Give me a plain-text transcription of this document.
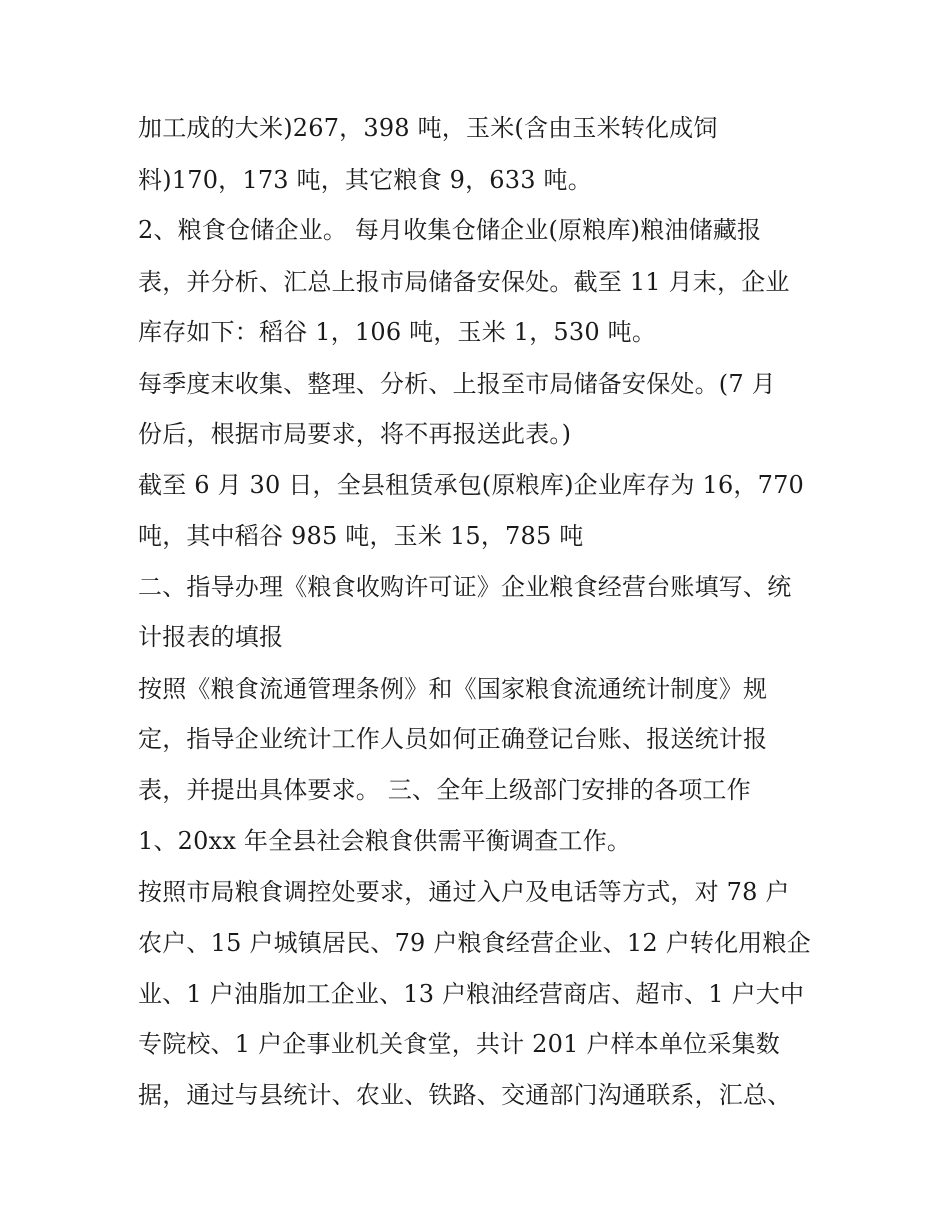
加工成的大米)267，398 吨，玉米(含由玉米转化成饲
料)170，173 吨，其它粮食 9，633 吨。
2、粮食仓储企业。 每月收集仓储企业(原粮库)粮油储藏报
表，并分析、汇总上报市局储备安保处。截至 11 月末，企业
库存如下：稻谷 1，106 吨，玉米 1，530 吨。
每季度末收集、整理、分析、上报至市局储备安保处。(7 月
份后，根据市局要求，将不再报送此表。)
截至 6 月 30 日，全县租赁承包(原粮库)企业库存为 16，770
吨，其中稻谷 985 吨，玉米 15，785 吨
二、指导办理《粮食收购许可证》企业粮食经营台账填写、统
计报表的填报
按照《粮食流通管理条例》和《国家粮食流通统计制度》规
定，指导企业统计工作人员如何正确登记台账、报送统计报
表，并提出具体要求。 三、全年上级部门安排的各项工作
1、20xx 年全县社会粮食供需平衡调查工作。
按照市局粮食调控处要求，通过入户及电话等方式，对 78 户
农户、15 户城镇居民、79 户粮食经营企业、12 户转化用粮企
业、1 户油脂加工企业、13 户粮油经营商店、超市、1 户大中
专院校、1 户企事业机关食堂，共计 201 户样本单位采集数
据，通过与县统计、农业、铁路、交通部门沟通联系，汇总、
